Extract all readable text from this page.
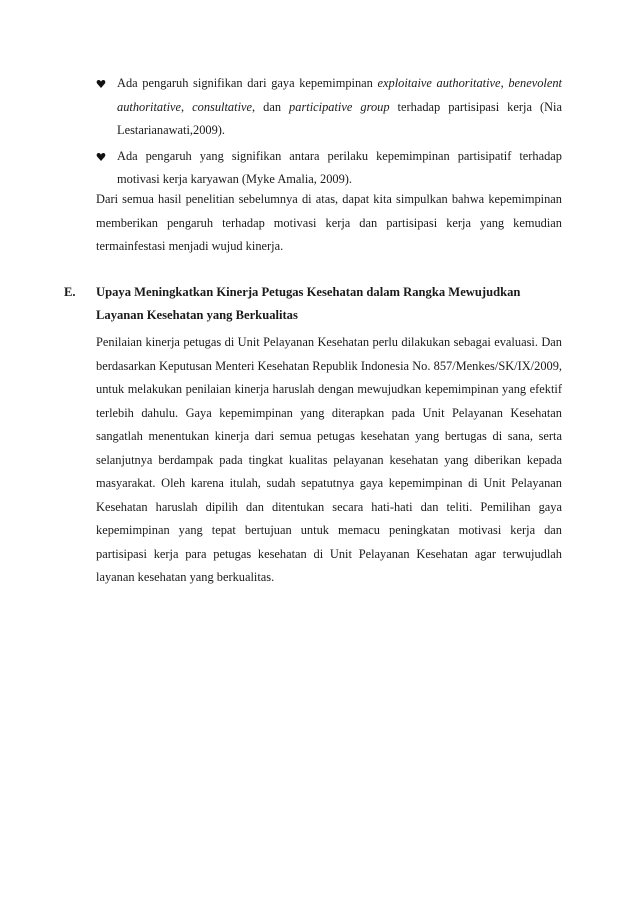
Ada pengaruh signifikan dari gaya kepemimpinan exploitaive authoritative, benevolent authoritative, consultative, dan participative group terhadap partisipasi kerja (Nia Lestarianawati,2009).

Ada pengaruh yang signifikan antara perilaku kepemimpinan partisipatif terhadap motivasi kerja karyawan (Myke Amalia, 2009).

Dari semua hasil penelitian sebelumnya di atas, dapat kita simpulkan bahwa kepemimpinan memberikan pengaruh terhadap motivasi kerja dan partisipasi kerja yang kemudian termainfestasi menjadi wujud kinerja.

E.	Upaya Meningkatkan Kinerja Petugas Kesehatan dalam Rangka Mewujudkan Layanan Kesehatan yang Berkualitas

Penilaian kinerja petugas di Unit Pelayanan Kesehatan perlu dilakukan sebagai evaluasi. Dan berdasarkan Keputusan Menteri Kesehatan Republik Indonesia No. 857/Menkes/SK/IX/2009, untuk melakukan penilaian kinerja haruslah dengan mewujudkan kepemimpinan yang efektif terlebih dahulu. Gaya kepemimpinan yang diterapkan pada Unit Pelayanan Kesehatan sangatlah menentukan kinerja dari semua petugas kesehatan yang bertugas di sana, serta selanjutnya berdampak pada tingkat kualitas pelayanan kesehatan yang diberikan kepada masyarakat. Oleh karena itulah, sudah sepatutnya gaya kepemimpinan di Unit Pelayanan Kesehatan haruslah dipilih dan ditentukan secara hati-hati dan teliti. Pemilihan gaya kepemimpinan yang tepat bertujuan untuk memacu peningkatan motivasi kerja dan partisipasi kerja para petugas kesehatan di Unit Pelayanan Kesehatan agar terwujudlah layanan kesehatan yang berkualitas.
